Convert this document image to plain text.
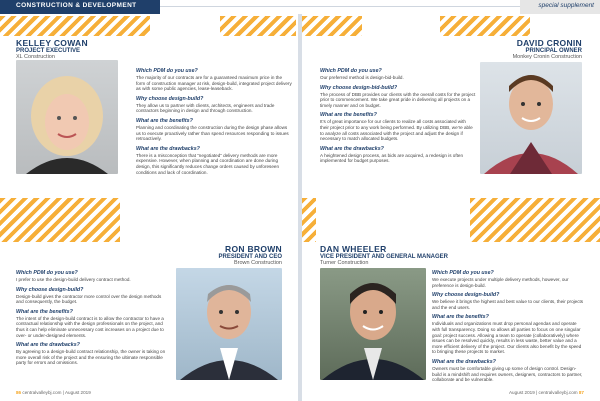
CONSTRUCTION & DEVELOPMENT	special supplement
KELLEY COWAN
PROJECT EXECUTIVE
XL Construction
Which PDM do you use?
The majority of our contracts are for a guaranteed maximum price in the form of construction manager at risk, design-build, integrated project delivery as with some public agencies, lease-leaseback.
Why choose design-build?
They allow us to partner with clients, architects, engineers and trade contractors beginning in design and through construction.
What are the benefits?
Planning and coordinating the construction during the design phase allows us to execute proactively rather than spend resources responding to issues retroactively.
What are the drawbacks?
There is a misconception that “negotiated” delivery methods are more expensive. However, when planning and coordination are done during design, this significantly reduces change orders caused by unforeseen conditions and lack of coordination.
DAVID CRONIN
PRINCIPAL OWNER
Monkey Cronin Construction
Which PDM do you use?
Our preferred method is design-bid-build.
Why choose design-bid-build?
The process of DBB provides our clients with the overall costs for the project prior to commencement. We take great pride in delivering all projects on a timely manner and on budget.
What are the benefits?
It’s of great importance for our clients to realize all costs associated with their project prior to any work being performed. By utilizing DBB, we’re able to analyze all costs associated with the project and adjust the design if necessary to match allocated budgets.
What are the drawbacks?
A heightened design process, as bids are acquired, a redesign is often implemented for budget purposes.
RON BROWN
PRESIDENT AND CEO
Brown Construction
Which PDM do you use?
I prefer to use the design-build delivery contract method.
Why choose design-build?
Design-build gives the contractor more control over the design methods and consequently, the budget.
What are the benefits?
The intent of the design-build contract is to allow the contractor to have a contractual relationship with the design professionals on the project, and thus it can help eliminate unnecessary cost increases on a project due to over- or under-designed elements.
What are the drawbacks?
By agreeing to a design-build contract relationship, the owner is taking on more overall risk of the project and the ensuring the ultimate responsible party for errors and omissions.
DAN WHEELER
VICE PRESIDENT AND GENERAL MANAGER
Turner Construction
Which PDM do you use?
We execute projects under multiple delivery methods, however, our preference is design-build.
Why choose design-build?
We believe it brings the highest and best value to our clients, their projects and the end users.
What are the benefits?
Individuals and organizations must drop personal agendas and operate with full transparency. Doing so allows all parties to focus on one singular goal: project success. Allowing a team to operate (collaboratively) where issues can be resolved quickly, results in less waste, better value and a more efficient delivery of the project. Our clients also benefit by the speed to bringing these projects to market.
What are the drawbacks?
Owners must be comfortable giving up some of design control. Design-build is a mindshift and requires owners, designers, contractors to partner, collaborate and be vulnerable.
86 centralvalleybj.com | August 2019	August 2019 | centralvalleybj.com 87
